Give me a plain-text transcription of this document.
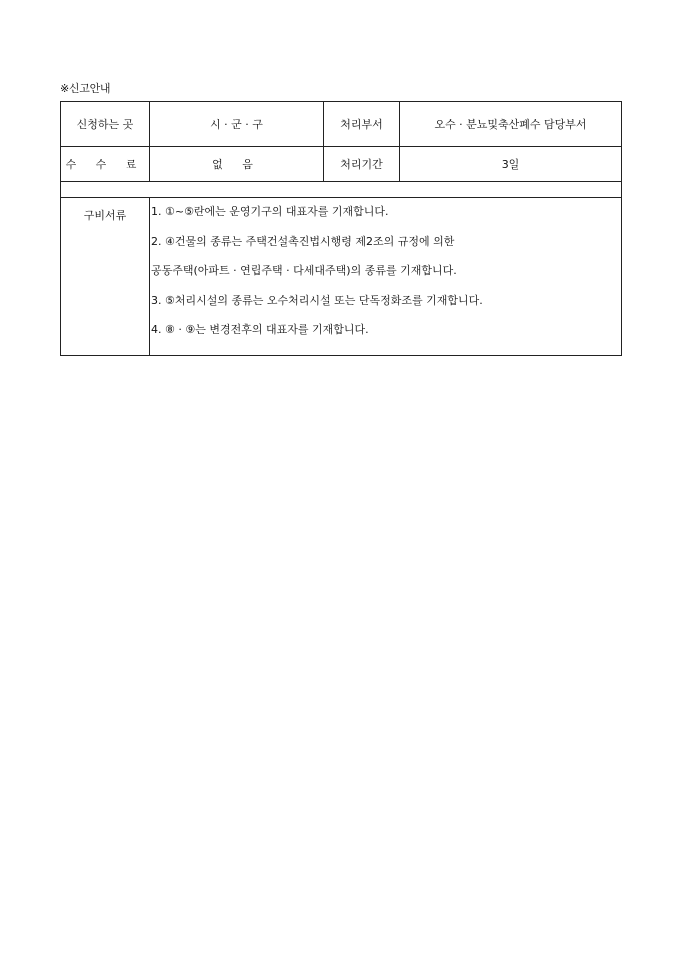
※신고안내
신청하는 곳	시 · 군 · 구	처리부서	오수 · 분뇨및축산폐수 담당부서
수 수 료	없 음	처리기간	3일

구비서류	1. ①~⑤란에는 운영기구의 대표자를 기재합니다.
2. ④건물의 종류는 주택건설촉진법시행령 제2조의 규정에 의한
공동주택(아파트 · 연립주택 · 다세대주택)의 종류를 기재합니다.
3. ⑤처리시설의 종류는 오수처리시설 또는 단독정화조를 기재합니다.
4. ⑧ · ⑨는 변경전후의 대표자를 기재합니다.		
